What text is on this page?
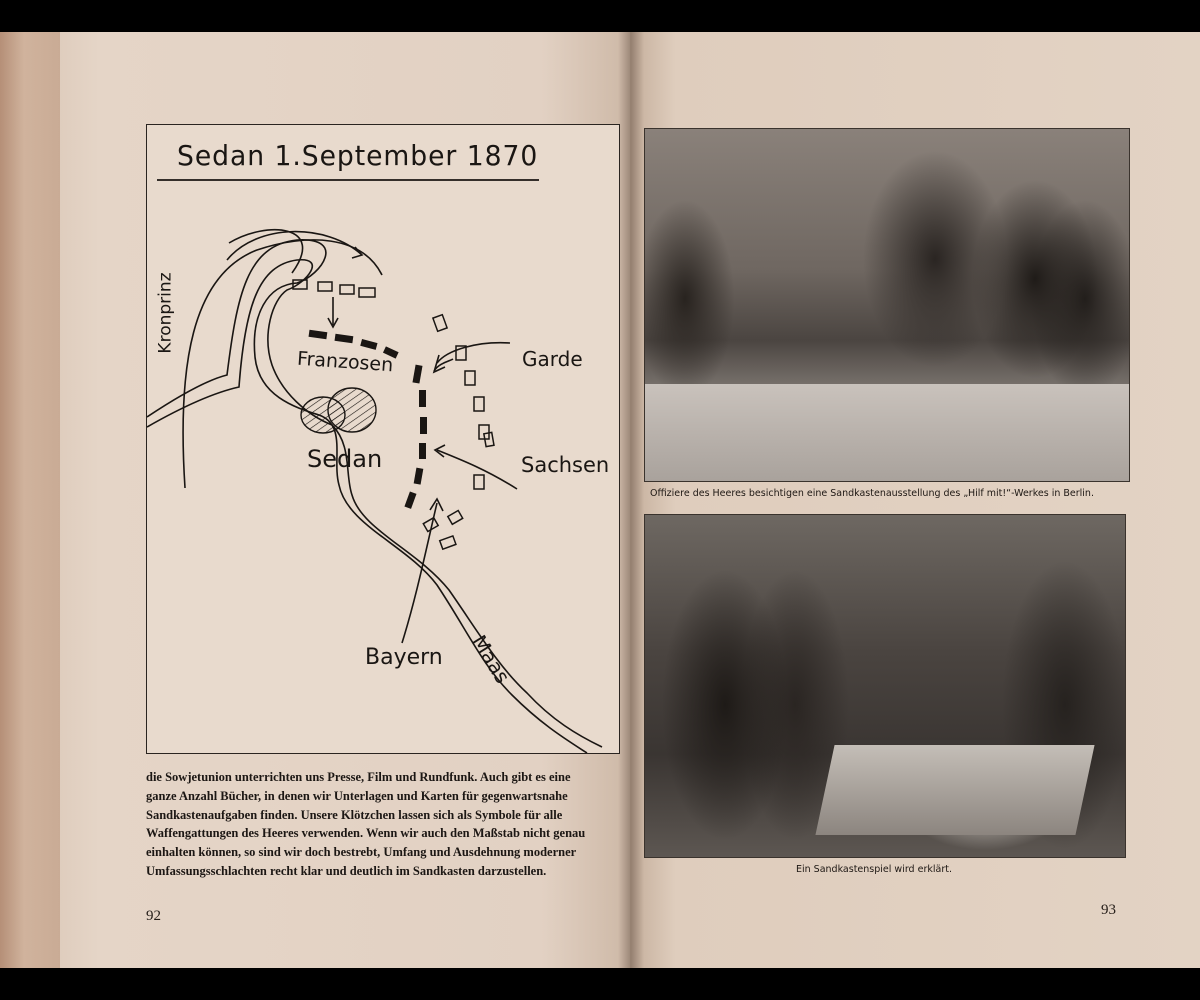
Sedan 1.September 1870
Kronprinz
Franzosen	Garde
Sedan	Sachsen
Bayern Maas
die Sowjetunion unterrichten uns Presse, Film und Rundfunk. Auch gibt es eine
ganze Anzahl Bücher, in denen wir Unterlagen und Karten für gegenwartsnahe
Sandkastenaufgaben finden. Unsere Klötzchen lassen sich als Symbole für alle
Waffengattungen des Heeres verwenden. Wenn wir auch den Maßstab nicht genau
einhalten können, so sind wir doch bestrebt, Umfang und Ausdehnung moderner
Umfassungsschlachten recht klar und deutlich im Sandkasten darzustellen.
92
Offiziere des Heeres besichtigen eine Sandkastenausstellung des „Hilf mit!“-Werkes in Berlin.
Ein Sandkastenspiel wird erklärt.
93
